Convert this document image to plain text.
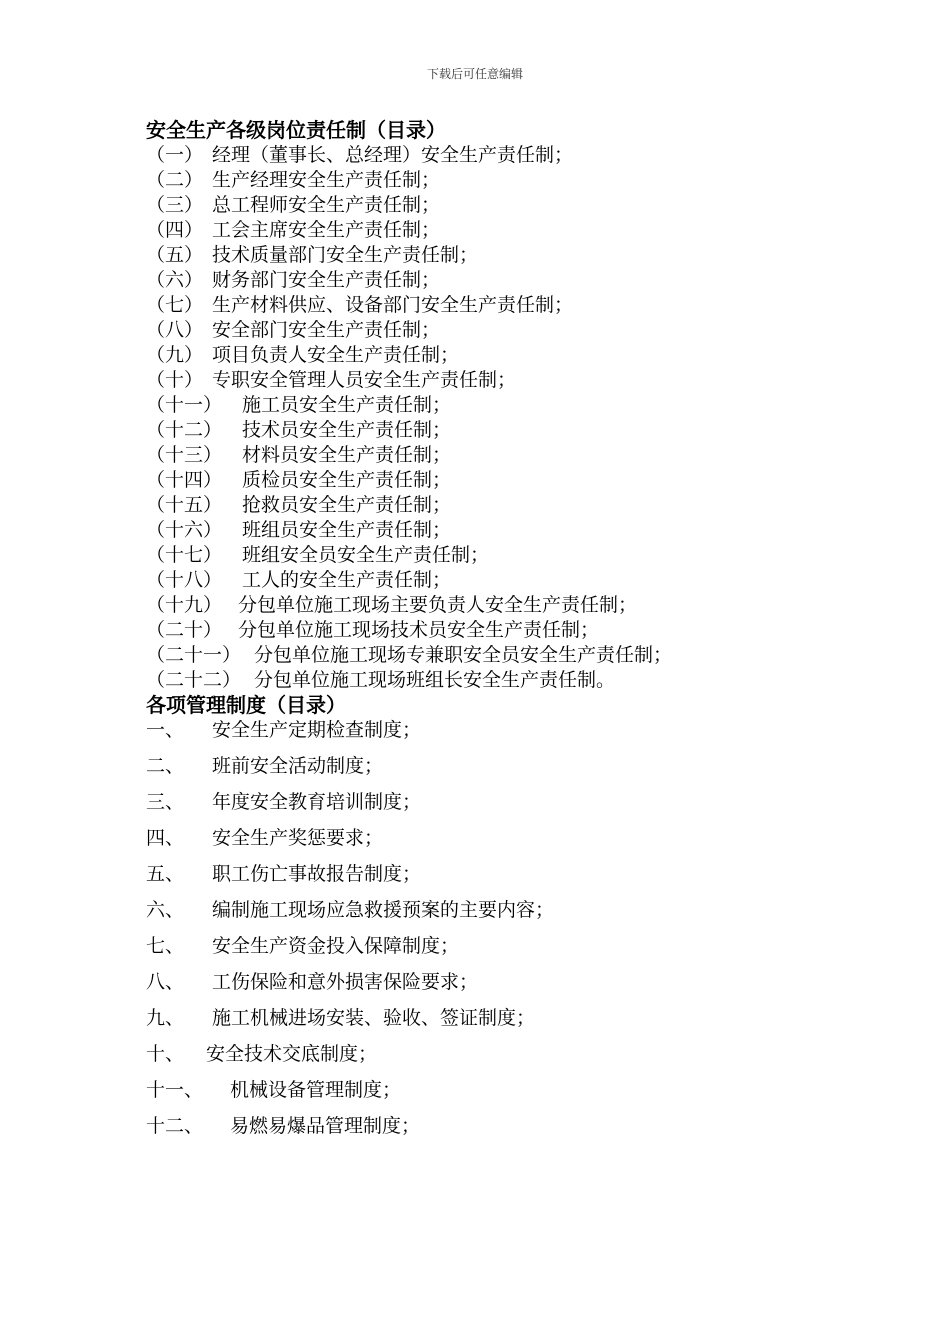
下载后可任意编辑
安全生产各级岗位责任制（目录）
（一） 经理（董事长、总经理）安全生产责任制；
（二） 生产经理安全生产责任制；
（三） 总工程师安全生产责任制；
（四） 工会主席安全生产责任制；
（五） 技术质量部门安全生产责任制；
（六） 财务部门安全生产责任制；
（七） 生产材料供应、设备部门安全生产责任制；
（八） 安全部门安全生产责任制；
（九） 项目负责人安全生产责任制；
（十） 专职安全管理人员安全生产责任制；
（十一）	施工员安全生产责任制；
（十二）	技术员安全生产责任制；
（十三）	材料员安全生产责任制；
（十四）	质检员安全生产责任制；
（十五）	抢救员安全生产责任制；
（十六）	班组员安全生产责任制；
（十七）	班组安全员安全生产责任制；
（十八）	工人的安全生产责任制；
（十九） 分包单位施工现场主要负责人安全生产责任制；
（二十） 分包单位施工现场技术员安全生产责任制；
（二十一） 分包单位施工现场专兼职安全员安全生产责任制；
（二十二） 分包单位施工现场班组长安全生产责任制。
各项管理制度（目录）
一、	安全生产定期检查制度；
二、	班前安全活动制度；
三、	年度安全教育培训制度；
四、	安全生产奖惩要求；
五、	职工伤亡事故报告制度；
六、	编制施工现场应急救援预案的主要内容；
七、	安全生产资金投入保障制度；
八、	工伤保险和意外损害保险要求；
九、	施工机械进场安装、验收、签证制度；
十、	安全技术交底制度；
十一、	机械设备管理制度；
十二、	易燃易爆品管理制度；
